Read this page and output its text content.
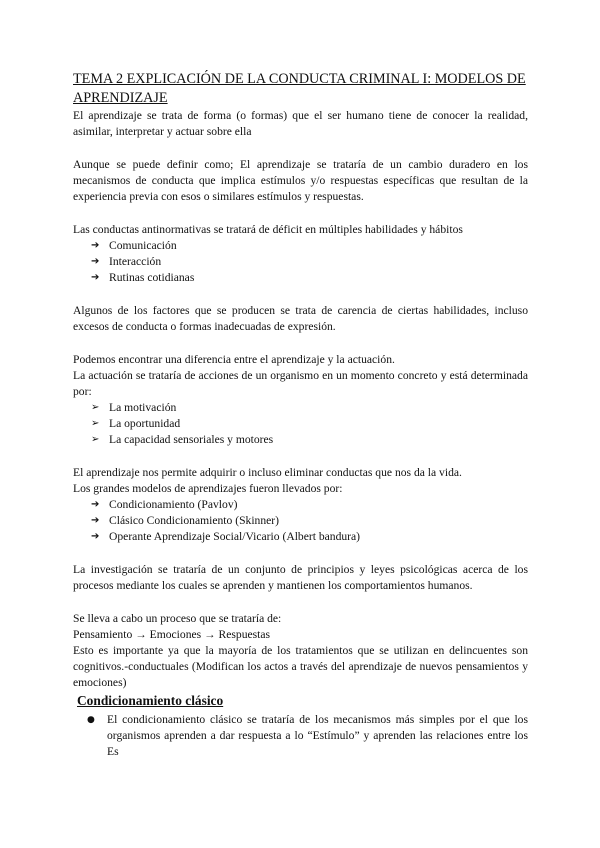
TEMA 2 EXPLICACIÓN DE LA CONDUCTA CRIMINAL I: MODELOS DE APRENDIZAJE

El aprendizaje se trata de forma (o formas) que el ser humano tiene de conocer la realidad, asimilar, interpretar y actuar sobre ella

Aunque se puede definir como; El aprendizaje se trataría de un cambio duradero en los mecanismos de conducta que implica estímulos y/o respuestas específicas que resultan de la experiencia previa con esos o similares estímulos y respuestas.

Las conductas antinormativas se tratará de déficit en múltiples habilidades y hábitos

➔ Comunicación
➔ Interacción
➔ Rutinas cotidianas

Algunos de los factores que se producen se trata de carencia de ciertas habilidades, incluso excesos de conducta o formas inadecuadas de expresión.

Podemos encontrar una diferencia entre el aprendizaje y la actuación.

La actuación se trataría de acciones de un organismo en un momento concreto y está determinada por:

➢ La motivación
➢ La oportunidad
➢ La capacidad sensoriales y motores

El aprendizaje nos permite adquirir o incluso eliminar conductas que nos da la vida.

Los grandes modelos de aprendizajes fueron llevados por:

➔ Condicionamiento (Pavlov)
➔ Clásico Condicionamiento (Skinner)
➔ Operante Aprendizaje Social/Vicario (Albert bandura)

La investigación se trataría de un conjunto de principios y leyes psicológicas acerca de los procesos mediante los cuales se aprenden y mantienen los comportamientos humanos.

Se lleva a cabo un proceso que se trataría de:

Pensamiento → Emociones → Respuestas

Esto es importante ya que la mayoría de los tratamientos que se utilizan en delincuentes son cognitivos.-conductuales (Modifican los actos a través del aprendizaje de nuevos pensamientos y emociones)

Condicionamiento clásico
● El condicionamiento clásico se trataría de los mecanismos más simples por el que los organismos aprenden a dar respuesta a lo “Estímulo” y aprenden las relaciones entre los Es
